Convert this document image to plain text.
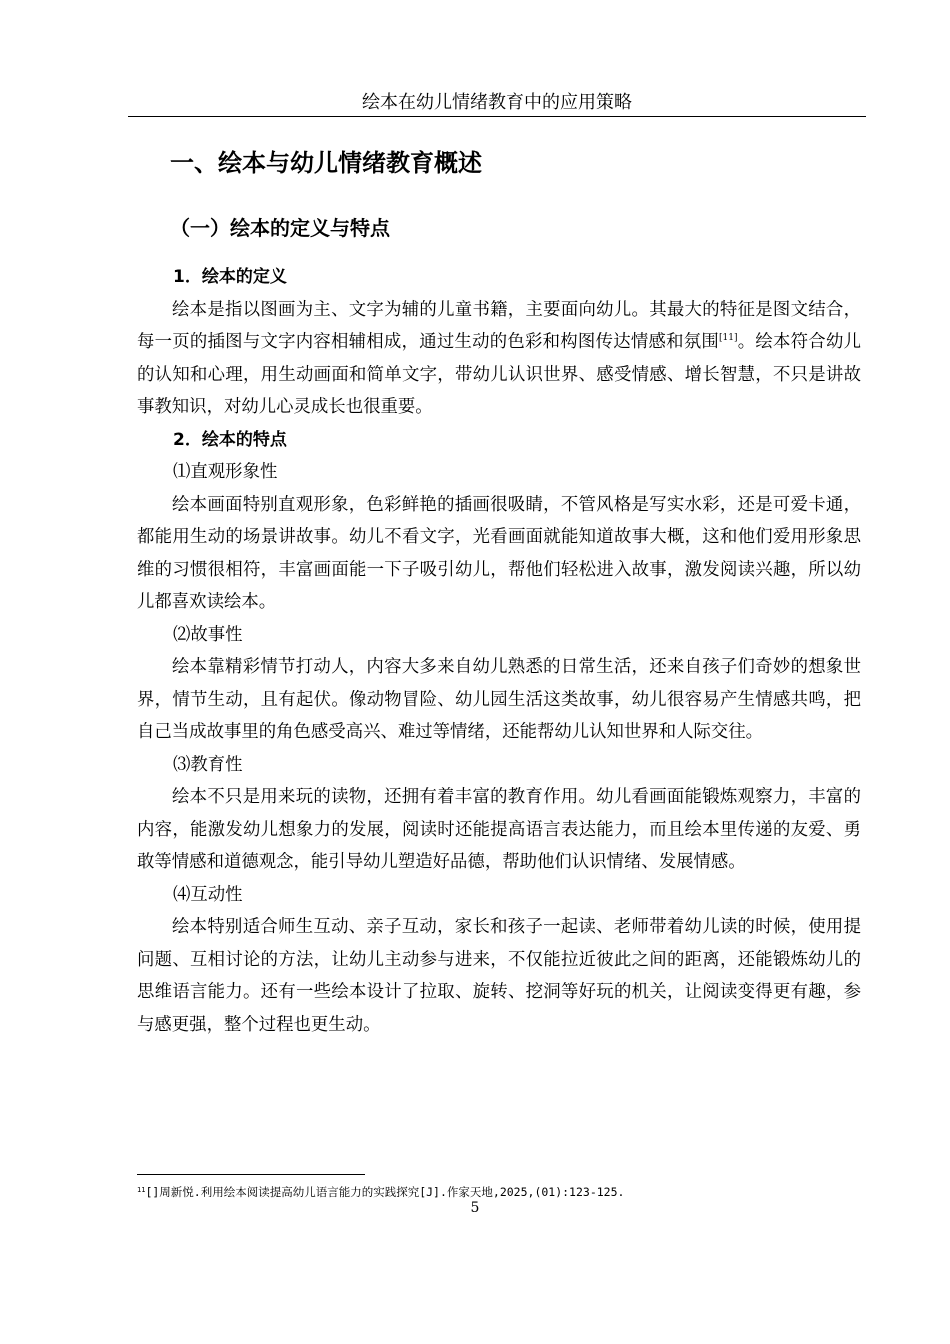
绘本在幼儿情绪教育中的应用策略
一、绘本与幼儿情绪教育概述
（一）绘本的定义与特点

1．绘本的定义

绘本是指以图画为主、文字为辅的儿童书籍，主要面向幼儿。其最大的特征是图文结合，每一页的插图与文字内容相辅相成，通过生动的色彩和构图传达情感和氛围[11]。绘本符合幼儿的认知和心理，用生动画面和简单文字，带幼儿认识世界、感受情感、增长智慧，不只是讲故事教知识，对幼儿心灵成长也很重要。

2．绘本的特点

⑴直观形象性

绘本画面特别直观形象，色彩鲜艳的插画很吸睛，不管风格是写实水彩，还是可爱卡通，都能用生动的场景讲故事。幼儿不看文字，光看画面就能知道故事大概，这和他们爱用形象思维的习惯很相符，丰富画面能一下子吸引幼儿，帮他们轻松进入故事，激发阅读兴趣，所以幼儿都喜欢读绘本。

⑵故事性

绘本靠精彩情节打动人，内容大多来自幼儿熟悉的日常生活，还来自孩子们奇妙的想象世界，情节生动，且有起伏。像动物冒险、幼儿园生活这类故事，幼儿很容易产生情感共鸣，把自己当成故事里的角色感受高兴、难过等情绪，还能帮幼儿认知世界和人际交往。

⑶教育性

绘本不只是用来玩的读物，还拥有着丰富的教育作用。幼儿看画面能锻炼观察力，丰富的内容，能激发幼儿想象力的发展，阅读时还能提高语言表达能力，而且绘本里传递的友爱、勇敢等情感和道德观念，能引导幼儿塑造好品德，帮助他们认识情绪、发展情感。

⑷互动性

绘本特别适合师生互动、亲子互动，家长和孩子一起读、老师带着幼儿读的时候，使用提问题、互相讨论的方法，让幼儿主动参与进来，不仅能拉近彼此之间的距离，还能锻炼幼儿的思维语言能力。还有一些绘本设计了拉取、旋转、挖洞等好玩的机关，让阅读变得更有趣，参与感更强，整个过程也更生动。

$^{11}$[]周新悦.利用绘本阅读提高幼儿语言能力的实践探究[J].作家天地,2025,(01):123-125.
5
